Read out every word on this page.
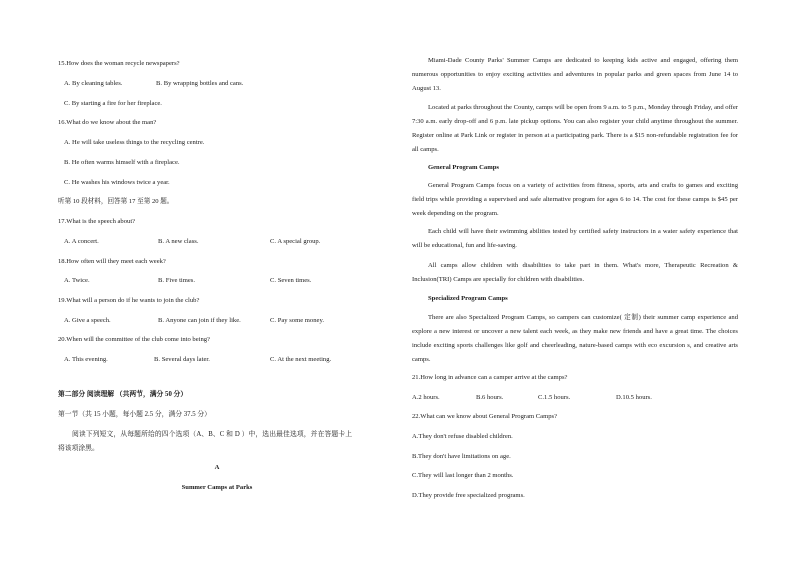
15.How does the woman recycle newspapers?
A. By cleaning tables.	B. By wrapping bottles and cans.
C. By starting a fire for her fireplace.
16.What do we know about the man?
A. He will take useless things to the recycling centre.
B. He often warms himself with a fireplace.
C. He washes his windows twice a year.
听第 10 段材料，回答第 17 至第 20 题。
17.What is the speech about?
A. A concert.	B. A new class.	C. A special group.
18.How often will they meet each week?
A. Twice.	B. Five times.	C. Seven times.
19.What will a person do if he wants to join the club?
A. Give a speech.	B. Anyone can join if they like.	C. Pay some money.
20.When will the committee of the club come into being?
A. This evening.	B. Several days later.	C. At the next meeting.
第二部分 阅读理解 （共两节，满分 50 分）
第一节（共 15 小题，每小题 2.5 分，满分 37.5 分）
阅读下列短文，从每题所给的四个选项（A、B、C 和 D ）中，选出最佳选项，并在答题卡上将该项涂黑。
A
Summer Camps at Parks
Miami-Dade County Parks' Summer Camps are dedicated to keeping kids active and engaged, offering them numerous opportunities to enjoy exciting activities and adventures in popular parks and green spaces from June 14 to August 13.
Located at parks throughout the County, camps will be open from 9 a.m. to 5 p.m., Monday through Friday, and offer 7:30 a.m. early drop-off and 6 p.m. late pickup options. You can also register your child anytime throughout the summer. Register online at Park Link or register in person at a participating park. There is a $15 non-refundable registration fee for all camps.
General Program Camps
General Program Camps focus on a variety of activities from fitness, sports, arts and crafts to games and exciting field trips while providing a supervised and safe alternative program for ages 6 to 14. The cost for these camps is $45 per week depending on the program.
Each child will have their swimming abilities tested by certified safety instructors in a water safety experience that will be educational, fun and life-saving.
All camps allow children with disabilities to take part in them. What's more, Therapeutic Recreation & Inclusion(TRI) Camps are specially for children with disabilities.
Specialized Program Camps
There are also Specialized Program Camps, so campers can customize( 定制) their summer camp experience and explore a new interest or uncover a new talent each week, as they make new friends and have a great time. The choices include exciting sports challenges like golf and cheerleading, nature-based camps with eco excursion s, and creative arts camps.
21.How long in advance can a camper arrive at the camps?
A.2 hours.	B.6 hours.	C.1.5 hours.	D.10.5 hours.
22.What can we know about General Program Camps?
A.They don't refuse disabled children.
B.They don't have limitations on age.
C.They will last longer than 2 months.
D.They provide free specialized programs.
